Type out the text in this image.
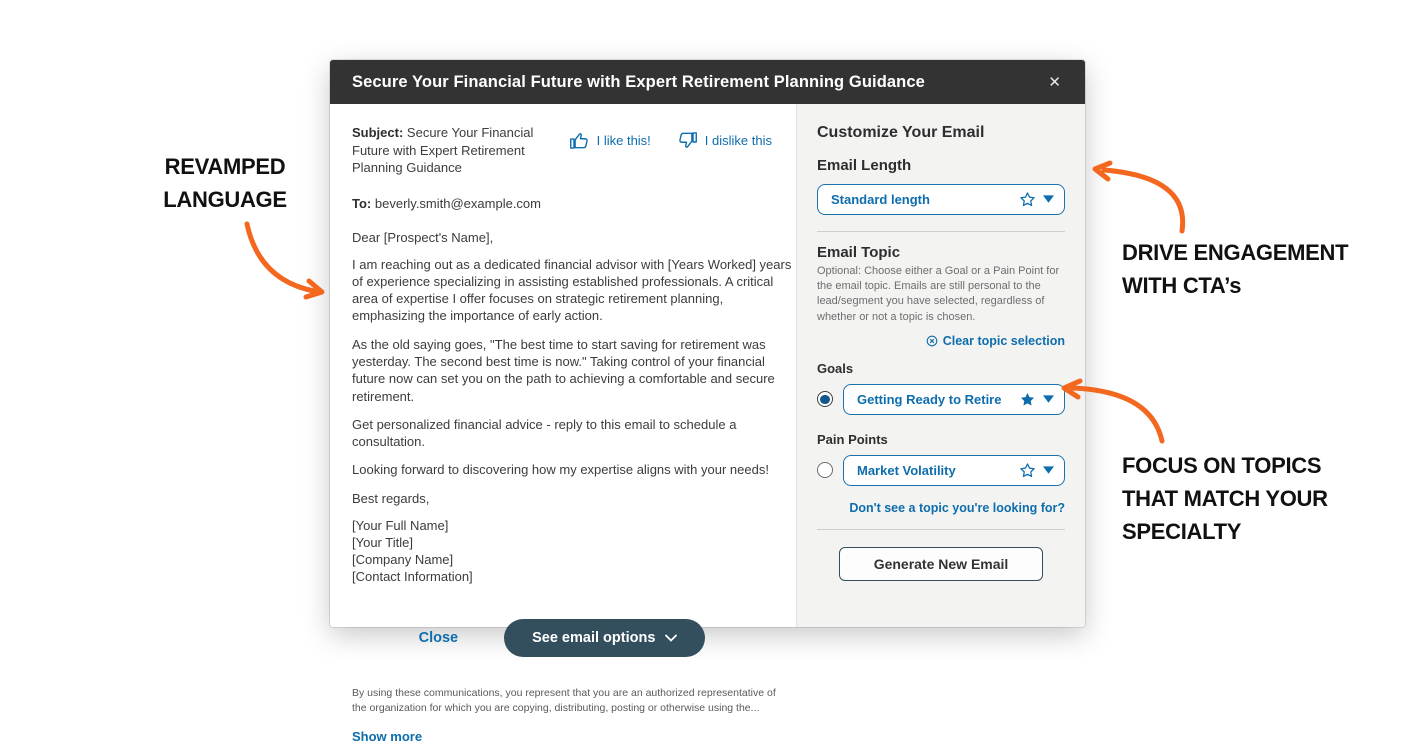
Secure Your Financial Future with Expert Retirement Planning Guidance	✕
Subject: Secure Your Financial Future with Expert Retirement Planning Guidance
I like this!	I dislike this
To: beverly.smith@example.com
Dear [Prospect's Name],

I am reaching out as a dedicated financial advisor with [Years Worked] years of experience specializing in assisting established professionals. A critical area of expertise I offer focuses on strategic retirement planning, emphasizing the importance of early action.

As the old saying goes, "The best time to start saving for retirement was yesterday. The second best time is now." Taking control of your financial future now can set you on the path to achieving a comfortable and secure retirement.

Get personalized financial advice - reply to this email to schedule a consultation.

Looking forward to discovering how my expertise aligns with your needs!

Best regards,

[Your Full Name]
[Your Title]
[Company Name]
[Contact Information]
Close	See email options
By using these communications, you represent that you are an authorized representative of the organization for which you are copying, distributing, posting or otherwise using the...
Show more
Customize Your Email
Email Length
Standard length
Email Topic
Optional: Choose either a Goal or a Pain Point for the email topic. Emails are still personal to the lead/segment you have selected, regardless of whether or not a topic is chosen.
Clear topic selection
Goals
Getting Ready to Retire
Pain Points
Market Volatility
Don't see a topic you're looking for?
Generate New Email
REVAMPED
LANGUAGE
DRIVE ENGAGEMENT
WITH CTA’s
FOCUS ON TOPICS
THAT MATCH YOUR
SPECIALTY
